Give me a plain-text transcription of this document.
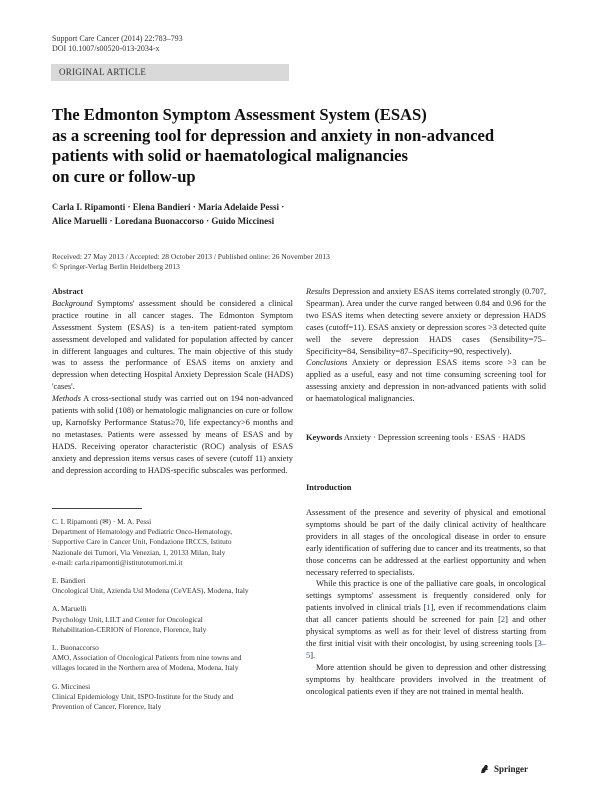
Support Care Cancer (2014) 22:783–793
DOI 10.1007/s00520-013-2034-x
ORIGINAL ARTICLE
The Edmonton Symptom Assessment System (ESAS)
as a screening tool for depression and anxiety in non-advanced
patients with solid or haematological malignancies
on cure or follow-up
Carla I. Ripamonti · Elena Bandieri · Maria Adelaide Pessi ·
Alice Maruelli · Loredana Buonaccorso · Guido Miccinesi
Received: 27 May 2013 / Accepted: 28 October 2013 / Published online: 26 November 2013
© Springer-Verlag Berlin Heidelberg 2013

Abstract

Background Symptoms' assessment should be considered a clinical practice routine in all cancer stages. The Edmonton Symptom Assessment System (ESAS) is a ten-item patient-rated symptom assessment developed and validated for population affected by cancer in different languages and cultures. The main objective of this study was to assess the performance of ESAS items on anxiety and depression when detecting Hospital Anxiety Depression Scale (HADS) 'cases'.

Methods A cross-sectional study was carried out on 194 non-advanced patients with solid (108) or hematologic malignancies on cure or follow up, Karnofsky Performance Status≥70, life expectancy>6 months and no metastases. Patients were assessed by means of ESAS and by HADS. Receiving operator characteristic (ROC) analysis of ESAS anxiety and depression items versus cases of severe (cutoff 11) anxiety and depression according to HADS-specific subscales was performed.

C. I. Ripamonti (✉) · M. A. Pessi
Department of Hematology and Pediatric Onco-Hematology,
Supportive Care in Cancer Unit, Fondazione IRCCS, Istituto
Nazionale dei Tumori, Via Venezian, 1, 20133 Milan, Italy
e-mail: carla.ripamonti@istitutotumori.mi.it
E. Bandieri
Oncological Unit, Azienda Usl Modena (CeVEAS), Modena, Italy
A. Maruelli
Psychology Unit, LILT and Center for Oncological
Rehabilitation-CERION of Florence, Florence, Italy
L. Buonaccorso
AMO, Association of Oncological Patients from nine towns and
villages located in the Northern area of Modena, Modena, Italy
G. Miccinesi
Clinical Epidemiology Unit, ISPO-Institute for the Study and
Prevention of Cancer, Florence, Italy

Results Depression and anxiety ESAS items correlated strongly (0.707, Spearman). Area under the curve ranged between 0.84 and 0.96 for the two ESAS items when detecting severe anxiety or depression HADS cases (cutoff=11). ESAS anxiety or depression scores >3 detected quite well the severe depression HADS cases (Sensibility=75–Specificity=84, Sensibility=87–Specificity=90, respectively).

Conclusions Anxiety or depression ESAS items score >3 can be applied as a useful, easy and not time consuming screening tool for assessing anxiety and depression in non-advanced patients with solid or haematological malignancies.

Keywords Anxiety · Depression screening tools · ESAS · HADS
Introduction

Assessment of the presence and severity of physical and emotional symptoms should be part of the daily clinical activity of healthcare providers in all stages of the oncological disease in order to ensure early identification of suffering due to cancer and its treatments, so that those concerns can be addressed at the earliest opportunity and when necessary referred to specialists.

While this practice is one of the palliative care goals, in oncological settings symptoms' assessment is frequently considered only for patients involved in clinical trials [1], even if recommendations claim that all cancer patients should be screened for pain [2] and other physical symptoms as well as for their level of distress starting from the first initial visit with their oncologist, by using screening tools [3–5].

More attention should be given to depression and other distressing symptoms by healthcare providers involved in the treatment of oncological patients even if they are not trained in mental health.

Springer
